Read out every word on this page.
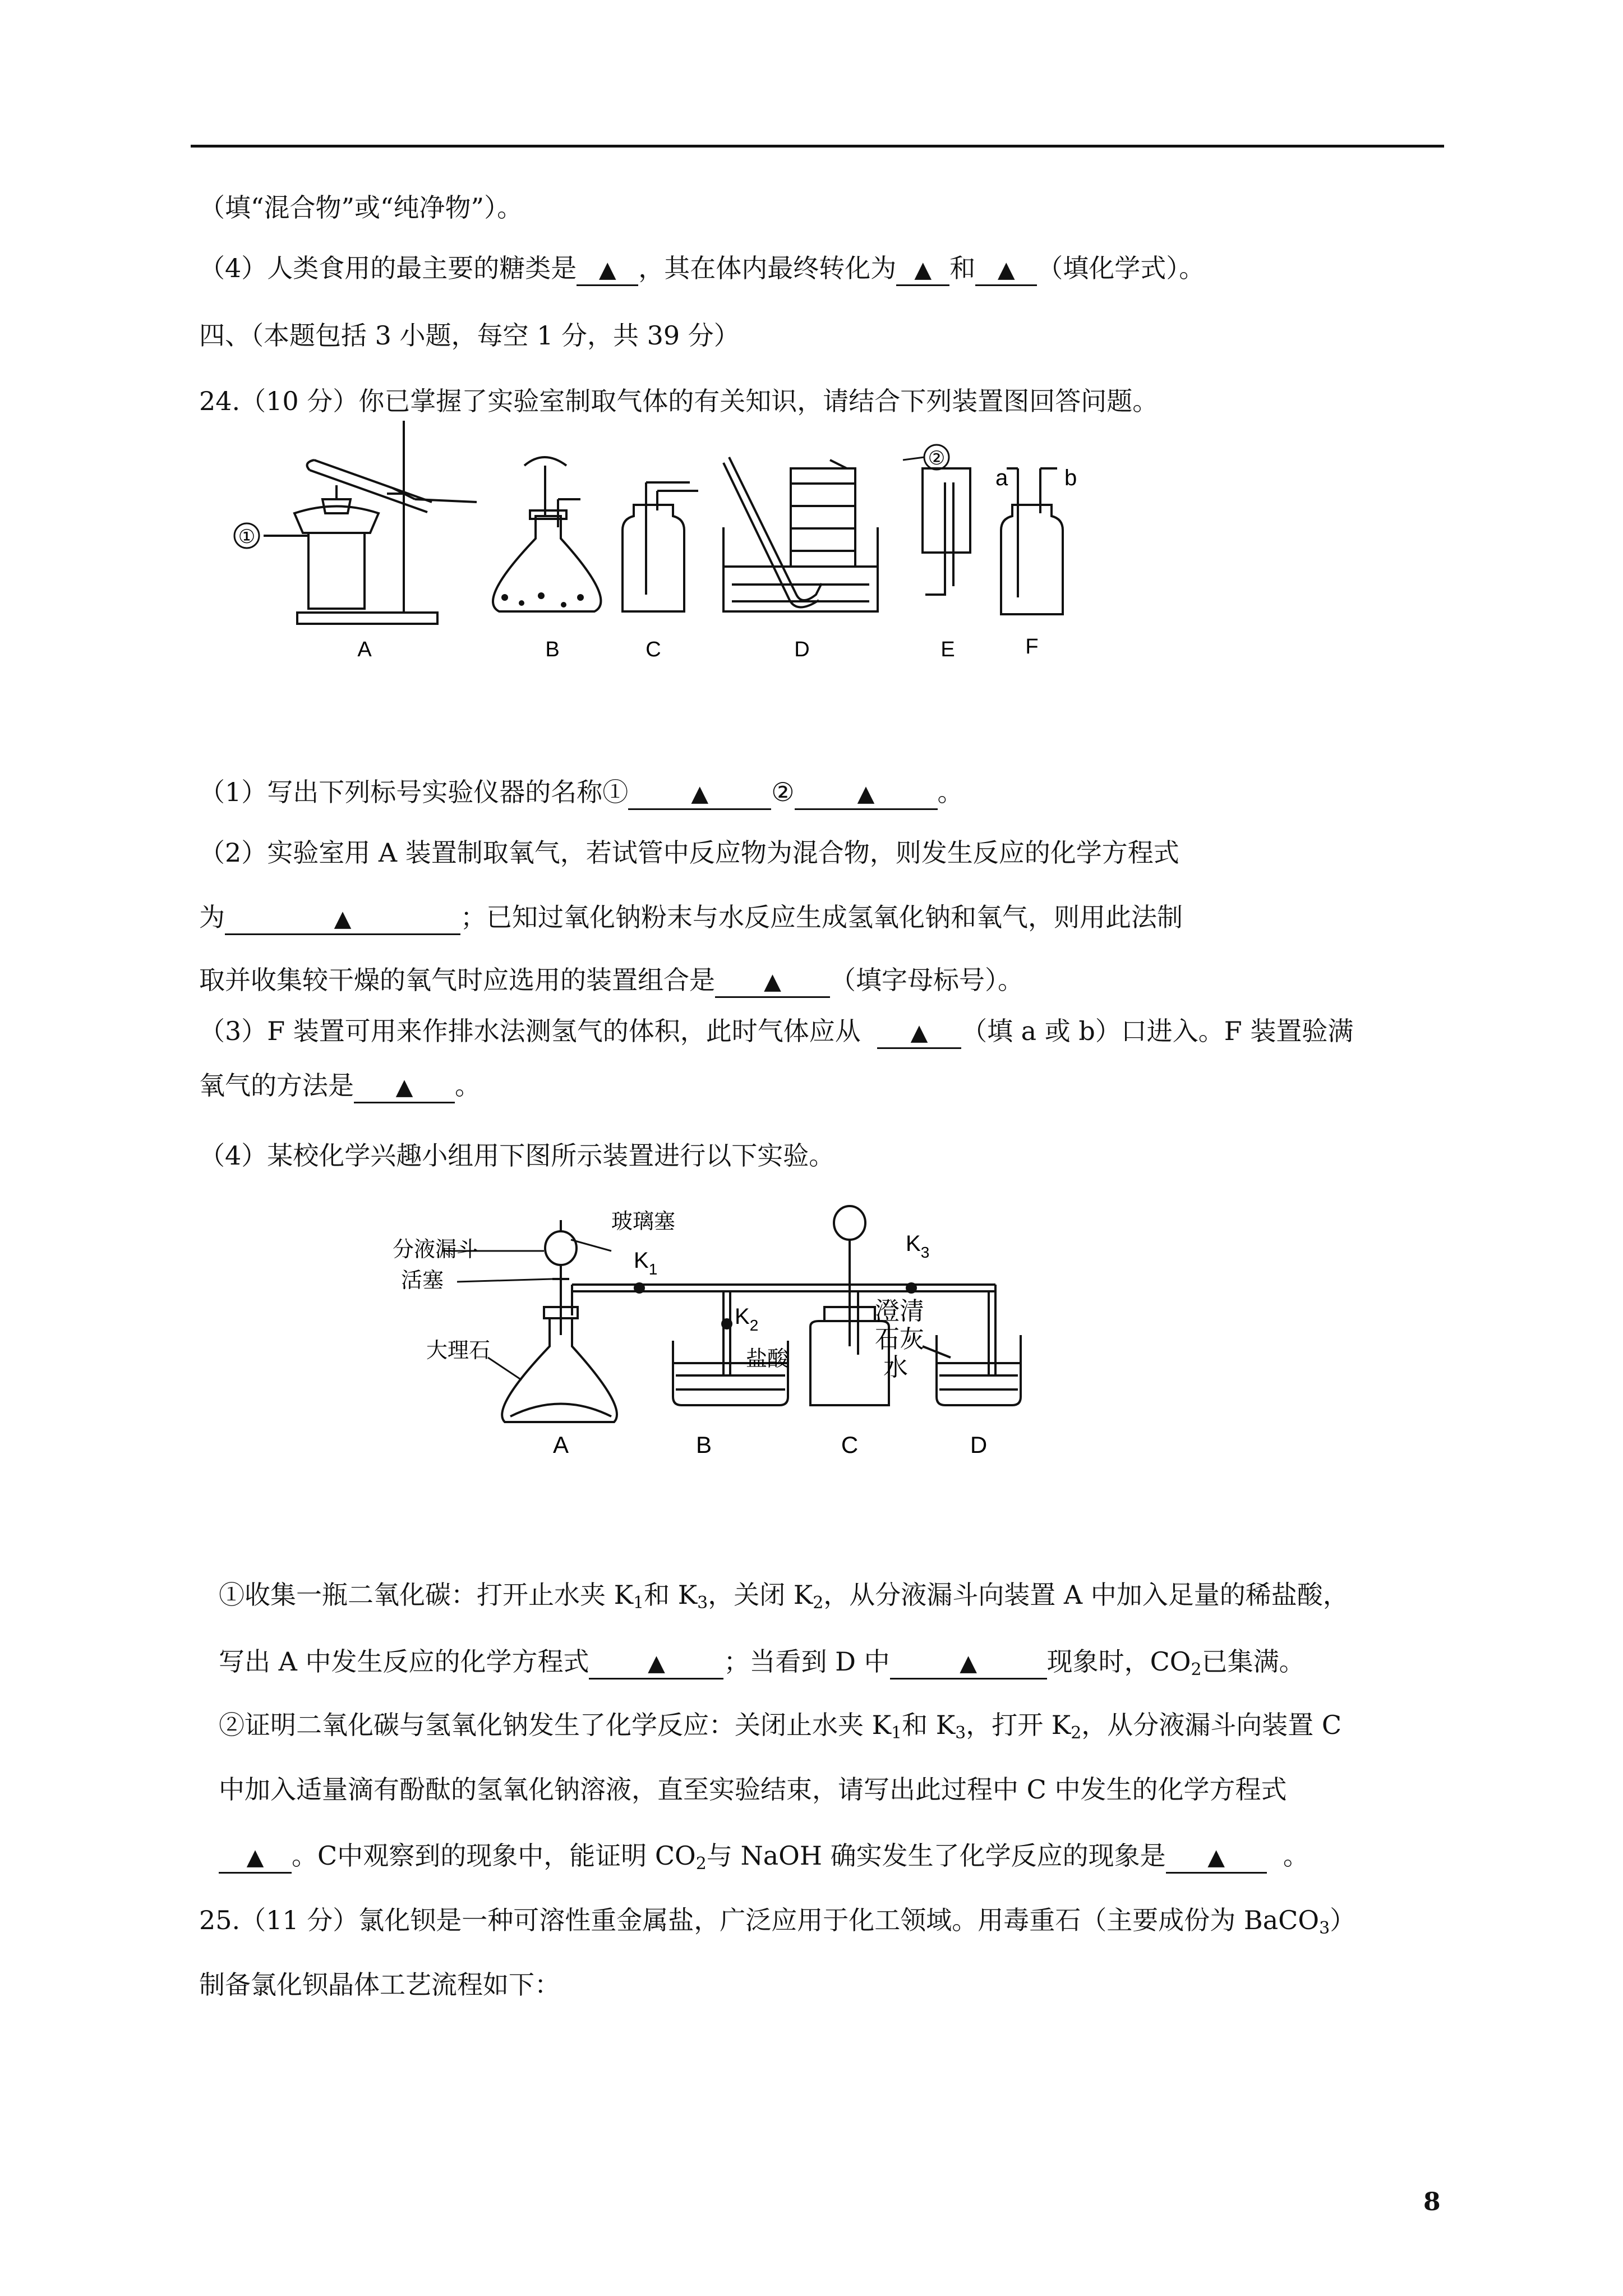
（填“混合物”或“纯净物”）。
（4）人类食用的最主要的糖类是 ▲ ，其在体内最终转化为 ▲ 和 ▲ （填化学式）。
四、（本题包括 3 小题，每空 1 分，共 39 分）
24.（10 分）你已掌握了实验室制取气体的有关知识，请结合下列装置图回答问题。
①
②
a	b
A	B	C	D	E	F
（1）写出下列标号实验仪器的名称①	▲ ②	▲ 。
（2）实验室用 A 装置制取氧气，若试管中反应物为混合物，则发生反应的化学方程式
为	▲	；已知过氧化钠粉末与水反应生成氢氧化钠和氧气，则用此法制
取并收集较干燥的氧气时应选用的装置组合是 ▲ （填字母标号）。
（3）F 装置可用来作排水法测氢气的体积，此时气体应从 ▲ （填 a 或 b）口进入。F 装置验满
氧气的方法是 ▲ 。
（4）某校化学兴趣小组用下图所示装置进行以下实验。
分液漏斗
玻璃塞
活塞
大理石	盐酸
澄清
石灰
水
$K_1$
$K_2$
$K_3$
A	B	C	D
①收集一瓶二氧化碳：打开止水夹 $K_1$和 $K_3$，关闭 $K_2$，从分液漏斗向装置 A 中加入足量的稀盐酸，
写出 A 中发生反应的化学方程式	▲ ；当看到 D 中	▲	现象时，$CO_2$已集满。
②证明二氧化碳与氢氧化钠发生了化学反应：关闭止水夹 $K_1$和 $K_3$，打开 $K_2$，从分液漏斗向装置 C
中加入适量滴有酚酞的氢氧化钠溶液，直至实验结束，请写出此过程中 C 中发生的化学方程式
▲ 。C中观察到的现象中，能证明 $CO_2$与 NaOH 确实发生了化学反应的现象是 ▲ 。
25.（11 分）氯化钡是一种可溶性重金属盐，广泛应用于化工领域。用毒重石（主要成份为 BaCO$_3$）
制备氯化钡晶体工艺流程如下：
8
